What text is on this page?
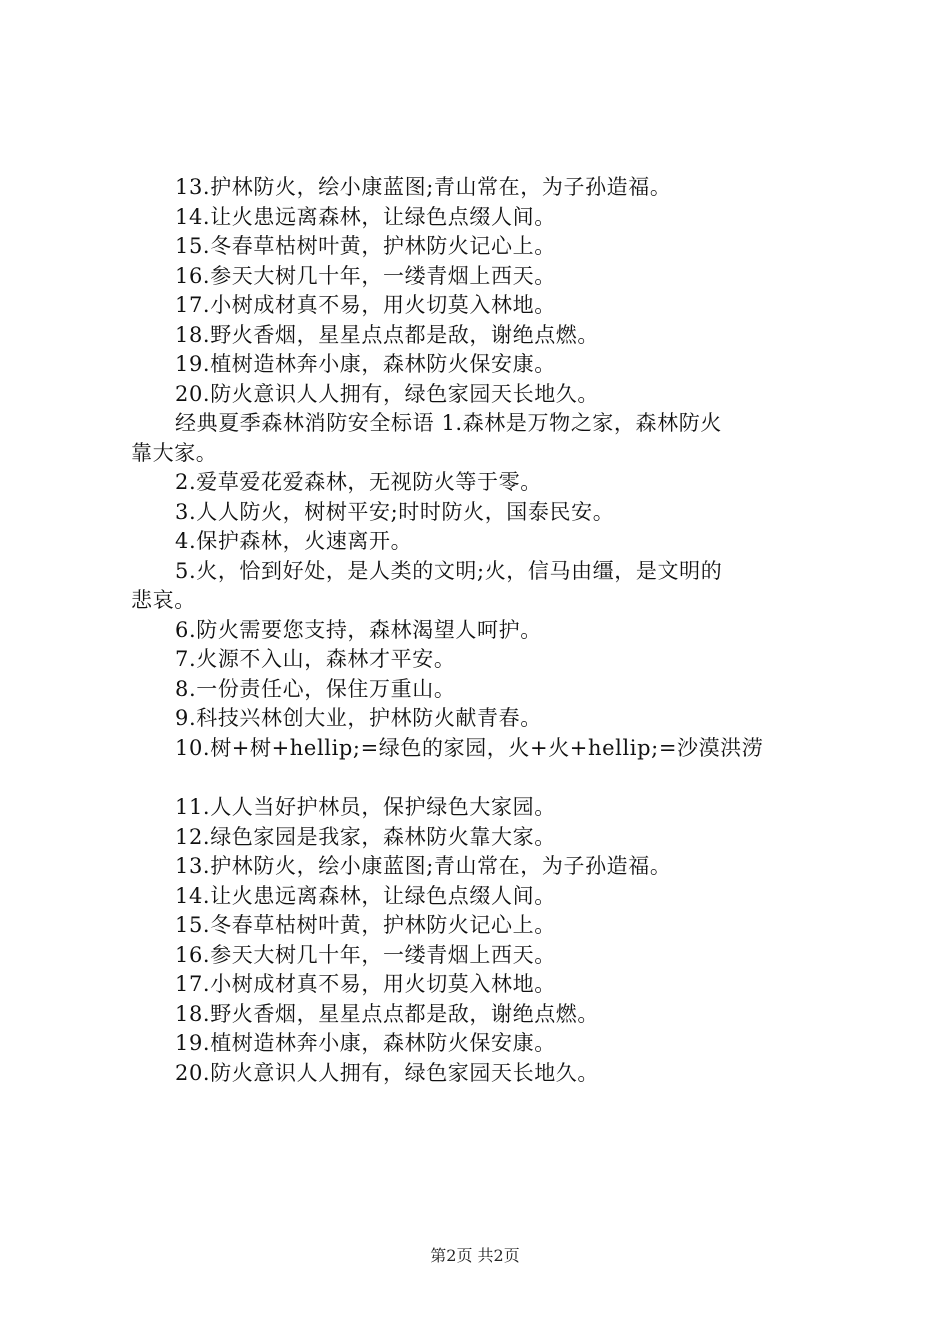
13.护林防火，绘小康蓝图;青山常在，为子孙造福。
14.让火患远离森林，让绿色点缀人间。
15.冬春草枯树叶黄，护林防火记心上。
16.参天大树几十年，一缕青烟上西天。
17.小树成材真不易，用火切莫入林地。
18.野火香烟，星星点点都是敌，谢绝点燃。
19.植树造林奔小康，森林防火保安康。
20.防火意识人人拥有，绿色家园天长地久。
经典夏季森林消防安全标语 1.森林是万物之家，森林防火
靠大家。
2.爱草爱花爱森林，无视防火等于零。
3.人人防火，树树平安;时时防火，国泰民安。
4.保护森林，火速离开。
5.火，恰到好处，是人类的文明;火，信马由缰，是文明的
悲哀。
6.防火需要您支持，森林渴望人呵护。
7.火源不入山，森林才平安。
8.一份责任心，保住万重山。
9.科技兴林创大业，护林防火献青春。
10.树+树+hellip;=绿色的家园，火+火+hellip;=沙漠洪涝
11.人人当好护林员，保护绿色大家园。
12.绿色家园是我家，森林防火靠大家。
13.护林防火，绘小康蓝图;青山常在，为子孙造福。
14.让火患远离森林，让绿色点缀人间。
15.冬春草枯树叶黄，护林防火记心上。
16.参天大树几十年，一缕青烟上西天。
17.小树成材真不易，用火切莫入林地。
18.野火香烟，星星点点都是敌，谢绝点燃。
19.植树造林奔小康，森林防火保安康。
20.防火意识人人拥有，绿色家园天长地久。
第2页 共2页
